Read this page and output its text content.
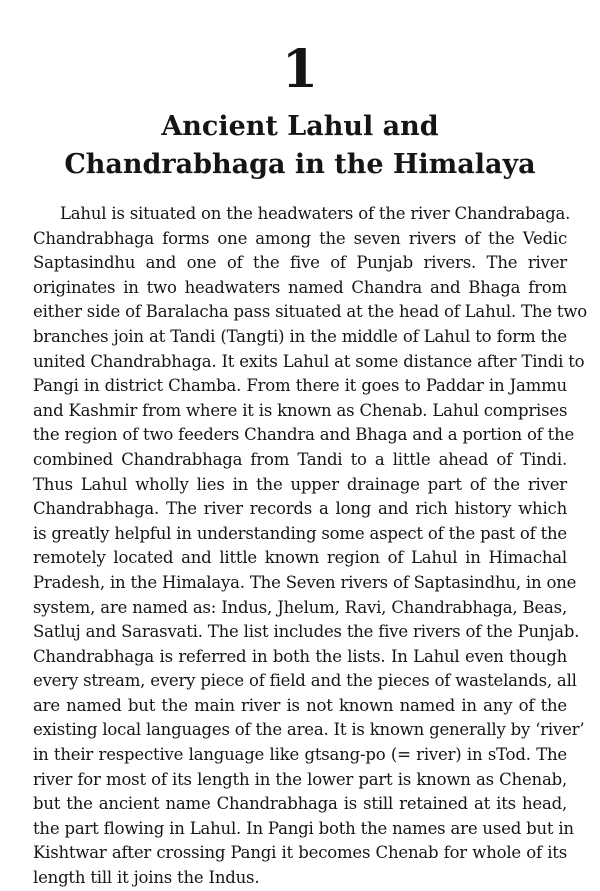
1
Ancient Lahul and
Chandrabhaga in the Himalaya
Lahul is situated on the headwaters of the river Chandrabaga.
Chandrabhaga forms one among the seven rivers of the Vedic
Saptasindhu and one of the five of Punjab rivers. The river
originates in two headwaters named Chandra and Bhaga from
either side of Baralacha pass situated at the head of Lahul. The two
branches join at Tandi (Tangti) in the middle of Lahul to form the
united Chandrabhaga. It exits Lahul at some distance after Tindi to
Pangi in district Chamba. From there it goes to Paddar in Jammu
and Kashmir from where it is known as Chenab. Lahul comprises
the region of two feeders Chandra and Bhaga and a portion of the
combined Chandrabhaga from Tandi to a little ahead of Tindi.
Thus Lahul wholly lies in the upper drainage part of the river
Chandrabhaga. The river records a long and rich history which
is greatly helpful in understanding some aspect of the past of the
remotely located and little known region of Lahul in Himachal
Pradesh, in the Himalaya. The Seven rivers of Saptasindhu, in one
system, are named as: Indus, Jhelum, Ravi, Chandrabhaga, Beas,
Satluj and Sarasvati. The list includes the five rivers of the Punjab.
Chandrabhaga is referred in both the lists. In Lahul even though
every stream, every piece of field and the pieces of wastelands, all
are named but the main river is not known named in any of the
existing local languages of the area. It is known generally by ‘river’
in their respective language like gtsang-po (= river) in sTod. The
river for most of its length in the lower part is known as Chenab,
but the ancient name Chandrabhaga is still retained at its head,
the part flowing in Lahul. In Pangi both the names are used but in
Kishtwar after crossing Pangi it becomes Chenab for whole of its
length till it joins the Indus.
